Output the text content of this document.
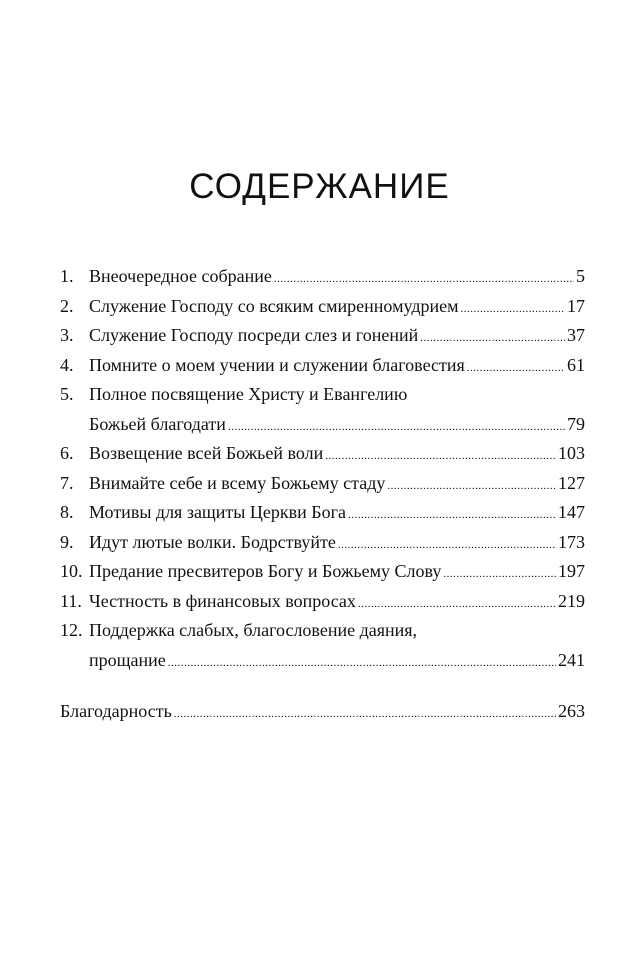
СОДЕРЖАНИЕ
1. Внеочередное собрание .....	5
2. Служение Господу со всяким смиренномудрием .....	17
3. Служение Господу посреди слез и гонений .....	37
4. Помните о моем учении и служении благовестия .....	61
5. Полное посвящение Христу и Евангелию
Божьей благодати .....	79
6. Возвещение всей Божьей воли .....	103
7. Внимайте себе и всему Божьему стаду .....	127
8. Мотивы для защиты Церкви Бога .....	147
9. Идут лютые волки. Бодрствуйте .....	173
10. Предание пресвитеров Богу и Божьему Слову .....	197
11. Честность в финансовых вопросах .....	219
12. Поддержка слабых, благословение даяния,
прощание .....	241
Благодарность .....	263
